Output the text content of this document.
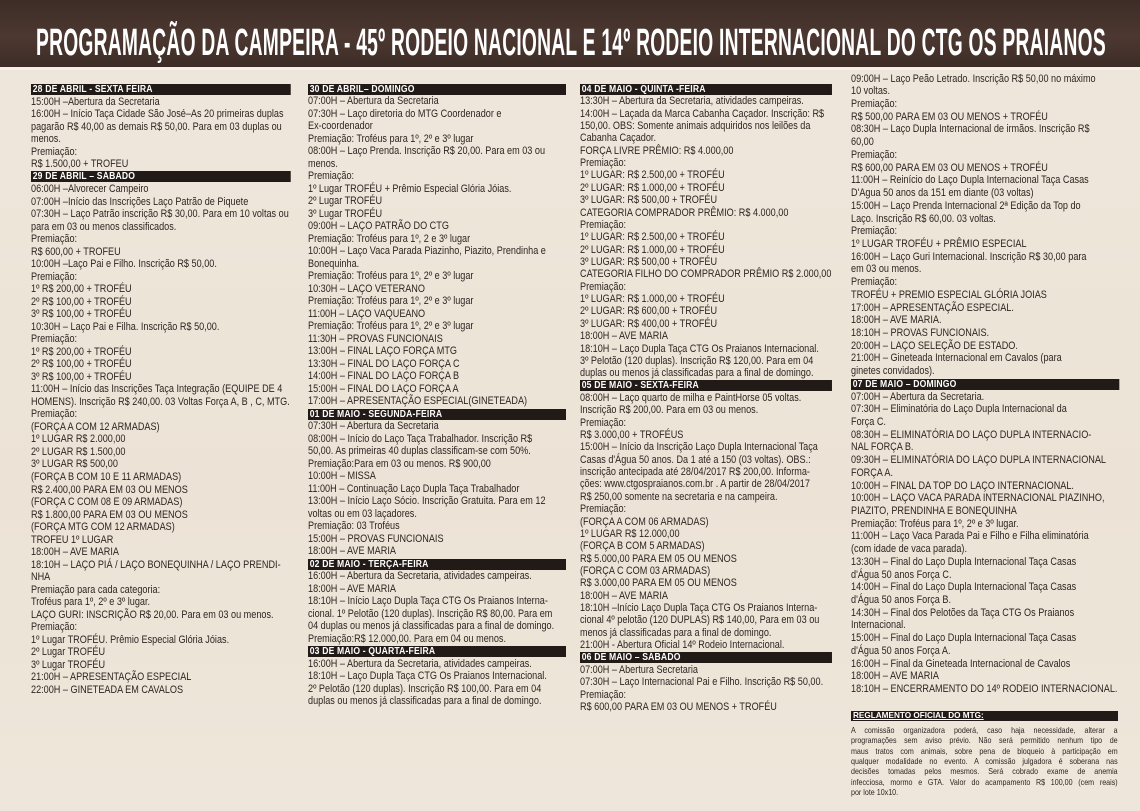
PROGRAMAÇÃO DA CAMPEIRA - 45º RODEIO NACIONAL E 14º RODEIO INTERNACIONAL DO CTG OS PRAIANOS
28 DE ABRIL - SEXTA FEIRA
15:00H –Abertura da Secretaria
16:00H – Início Taça Cidade São José–As 20 primeiras duplas
pagarão R$ 40,00 as demais R$ 50,00. Para em 03 duplas ou
menos.
Premiação:
R$ 1.500,00 + TROFEU
29 DE ABRIL – SÁBADO
06:00H –Alvorecer Campeiro
07:00H –Início das Inscrições Laço Patrão de Piquete
07:30H – Laço Patrão inscrição R$ 30,00. Para em 10 voltas ou
para em 03 ou menos classificados.
Premiação:
R$ 600,00 + TROFEU
10:00H –Laço Pai e Filho. Inscrição R$ 50,00.
Premiação:
1º R$ 200,00 + TROFÉU
2º R$ 100,00 + TROFÉU
3º R$ 100,00 + TROFÉU
10:30H – Laço Pai e Filha. Inscrição R$ 50,00.
Premiação:
1º R$ 200,00 + TROFÉU
2º R$ 100,00 + TROFÉU
3º R$ 100,00 + TROFÉU
11:00H – Início das Inscrições Taça Integração (EQUIPE DE 4
HOMENS). Inscrição R$ 240,00. 03 Voltas Força A, B , C, MTG.
Premiação:
(FORÇA A COM 12 ARMADAS)
1º LUGAR R$ 2.000,00
2º LUGAR R$ 1.500,00
3º LUGAR R$ 500,00
(FORÇA B COM 10 E 11 ARMADAS)
R$ 2.400,00 PARA EM 03 OU MENOS
(FORÇA C COM 08 E 09 ARMADAS)
R$ 1.800,00 PARA EM 03 OU MENOS
(FORÇA MTG COM 12 ARMADAS)
TROFEU 1º LUGAR
18:00H – AVE MARIA
18:10H – LAÇO PIÁ / LAÇO BONEQUINHA / LAÇO PRENDI-
NHA
Premiação para cada categoria:
Troféus para 1º, 2º e 3º lugar.
LAÇO GURI: INSCRIÇÃO R$ 20,00. Para em 03 ou menos.
Premiação:
1º Lugar TROFÉU. Prêmio Especial Glória Jóias.
2º Lugar TROFÉU
3º Lugar TROFÉU
21:00H – APRESENTAÇÃO ESPECIAL
22:00H – GINETEADA EM CAVALOS
30 DE ABRIL– DOMINGO
07:00H – Abertura da Secretaria
07:30H – Laço diretoria do MTG Coordenador e
Ex-coordenador
Premiação: Troféus para 1º, 2º e 3º lugar
08:00H – Laço Prenda. Inscrição R$ 20,00. Para em 03 ou
menos.
Premiação:
1º Lugar TROFÉU + Prêmio Especial Glória Jóias.
2º Lugar TROFÉU
3º Lugar TROFÉU
09:00H – LAÇO PATRÃO DO CTG
Premiação: Troféus para 1º, 2 e 3º lugar
10:00H – Laço Vaca Parada Piazinho, Piazito, Prendinha e
Bonequinha.
Premiação: Troféus para 1º, 2º e 3º lugar
10:30H – LAÇO VETERANO
Premiação: Troféus para 1º, 2º e 3º lugar
11:00H – LAÇO VAQUEANO
Premiação: Troféus para 1º, 2º e 3º lugar
11:30H – PROVAS FUNCIONAIS
13:00H – FINAL LAÇO FORÇA MTG
13:30H – FINAL DO LAÇO FORÇA C
14:00H – FINAL DO LAÇO FORÇA B
15:00H – FINAL DO LAÇO FORÇA A
17:00H – APRESENTAÇÃO ESPECIAL(GINETEADA)
01 DE MAIO - SEGUNDA-FEIRA
07:30H – Abertura da Secretaria
08:00H – Início do Laço Taça Trabalhador. Inscrição R$
50,00. As primeiras 40 duplas classificam-se com 50%.
Premiação:Para em 03 ou menos. R$ 900,00
10:00H – MISSA
11:00H – Continuação Laço Dupla Taça Trabalhador
13:00H – Início Laço Sócio. Inscrição Gratuita. Para em 12
voltas ou em 03 laçadores.
Premiação: 03 Troféus
15:00H – PROVAS FUNCIONAIS
18:00H – AVE MARIA
02 DE MAIO - TERÇA-FEIRA
16:00H – Abertura da Secretaria, atividades campeiras.
18:00H – AVE MARIA
18:10H – Início Laço Dupla Taça CTG Os Praianos Interna-
cional. 1º Pelotão (120 duplas). Inscrição R$ 80,00. Para em
04 duplas ou menos já classificadas para a final de domingo.
Premiação:R$ 12.000,00. Para em 04 ou menos.
03 DE MAIO - QUARTA-FEIRA
16:00H – Abertura da Secretaria, atividades campeiras.
18:10H – Laço Dupla Taça CTG Os Praianos Internacional.
2º Pelotão (120 duplas). Inscrição R$ 100,00. Para em 04
duplas ou menos já classificadas para a final de domingo.
04 DE MAIO - QUINTA -FEIRA
13:30H – Abertura da Secretaria, atividades campeiras.
14:00H – Laçada da Marca Cabanha Caçador. Inscrição: R$
150,00. OBS: Somente animais adquiridos nos leilões da
Cabanha Caçador.
FORÇA LIVRE PRÊMIO: R$ 4.000,00
Premiação:
1º LUGAR: R$ 2.500,00 + TROFÉU
2º LUGAR: R$ 1.000,00 + TROFÉU
3º LUGAR: R$ 500,00 + TROFÉU
CATEGORIA COMPRADOR PRÊMIO: R$ 4.000,00
Premiação:
1º LUGAR: R$ 2.500,00 + TROFÉU
2º LUGAR: R$ 1.000,00 + TROFÉU
3º LUGAR: R$ 500,00 + TROFÉU
CATEGORIA FILHO DO COMPRADOR PRÊMIO R$ 2.000,00
Premiação:
1º LUGAR: R$ 1.000,00 + TROFÉU
2º LUGAR: R$ 600,00 + TROFÉU
3º LUGAR: R$ 400,00 + TROFÉU
18:00H – AVE MARIA
18:10H – Laço Dupla Taça CTG Os Praianos Internacional.
3º Pelotão (120 duplas). Inscrição R$ 120,00. Para em 04
duplas ou menos já classificadas para a final de domingo.
05 DE MAIO - SEXTA-FEIRA
08:00H – Laço quarto de milha e PaintHorse 05 voltas.
Inscrição R$ 200,00. Para em 03 ou menos.
Premiação:
R$ 3.000,00 + TROFÉUS
15:00H – Início da Inscrição Laço Dupla Internacional Taça
Casas d'Água 50 anos. Da 1 até a 150 (03 voltas). OBS.:
inscrição antecipada até 28/04/2017 R$ 200,00. Informa-
ções: www.ctgospraianos.com.br . A partir de 28/04/2017
R$ 250,00 somente na secretaria e na campeira.
Premiação:
(FORÇA A COM 06 ARMADAS)
1º LUGAR R$ 12.000,00
(FORÇA B COM 5 ARMADAS)
R$ 5.000,00 PARA EM 05 OU MENOS
(FORÇA C COM 03 ARMADAS)
R$ 3.000,00 PARA EM 05 OU MENOS
18:00H – AVE MARIA
18:10H –Início Laço Dupla Taça CTG Os Praianos Interna-
cional 4º pelotão (120 DUPLAS) R$ 140,00, Para em 03 ou
menos já classificadas para a final de domingo.
21:00H - Abertura Oficial 14º Rodeio Internacional.
06 DE MAIO – SÁBADO
07:00H – Abertura Secretaria
07:30H – Laço Internacional Pai e Filho. Inscrição R$ 50,00.
Premiação:
R$ 600,00 PARA EM 03 OU MENOS + TROFÉU
09:00H – Laço Peão Letrado. Inscrição R$ 50,00 no máximo
10 voltas.
Premiação:
R$ 500,00 PARA EM 03 OU MENOS + TROFÉU
08:30H – Laço Dupla Internacional de irmãos. Inscrição R$
60,00
Premiação:
R$ 600,00 PARA EM 03 OU MENOS + TROFÉU
11:00H – Reinício do Laço Dupla Internacional Taça Casas
D'Agua 50 anos da 151 em diante (03 voltas)
15:00H – Laço Prenda Internacional 2ª Edição da Top do
Laço. Inscrição R$ 60,00. 03 voltas.
Premiação:
1º LUGAR TROFÉU + PRÊMIO ESPECIAL
16:00H – Laço Guri Internacional. Inscrição R$ 30,00 para
em 03 ou menos.
Premiação:
TROFÉU + PREMIO ESPECIAL GLÓRIA JOIAS
17:00H – APRESENTAÇÃO ESPECIAL.
18:00H – AVE MARIA.
18:10H – PROVAS FUNCIONAIS.
20:00H – LAÇO SELEÇÃO DE ESTADO.
21:00H – Gineteada Internacional em Cavalos (para
ginetes convidados).
07 DE MAIO – DOMINGO
07:00H – Abertura da Secretaria.
07:30H – Eliminatória do Laço Dupla Internacional da
Força C.
08:30H – ELIMINATÓRIA DO LAÇO DUPLA INTERNACIO-
NAL FORÇA B.
09:30H – ELIMINATÓRIA DO LAÇO DUPLA INTERNACIONAL
FORÇA A.
10:00H – FINAL DA TOP DO LAÇO INTERNACIONAL.
10:00H – LAÇO VACA PARADA INTERNACIONAL PIAZINHO,
PIAZITO, PRENDINHA E BONEQUINHA
Premiação: Troféus para 1º, 2º e 3º lugar.
11:00H – Laço Vaca Parada Pai e Filho e Filha eliminatória
(com idade de vaca parada).
13:30H – Final do Laço Dupla Internacional Taça Casas
d'Água 50 anos Força C.
14:00H – Final do Laço Dupla Internacional Taça Casas
d'Água 50 anos Força B.
14:30H – Final dos Pelotões da Taça CTG Os Praianos
Internacional.
15:00H – Final do Laço Dupla Internacional Taça Casas
d'Água 50 anos Força A.
16:00H – Final da Gineteada Internacional de Cavalos
18:00H – AVE MARIA
18:10H – ENCERRAMENTO DO 14º RODEIO INTERNACIONAL.
REGLAMENTO OFICIAL DO MTG:
A comissão organizadora poderá, caso haja necessidade, alterar a
programações sem aviso prévio. Não será permitido nenhum tipo de
maus tratos com animais, sobre pena de bloqueio à participação em
qualquer modalidade no evento. A comissão julgadora é soberana nas
decisões tomadas pelos mesmos. Será cobrado exame de anemia
infecciosa, mormo e GTA. Valor do acampamento R$ 100,00 (cem reais)
por lote 10x10.
